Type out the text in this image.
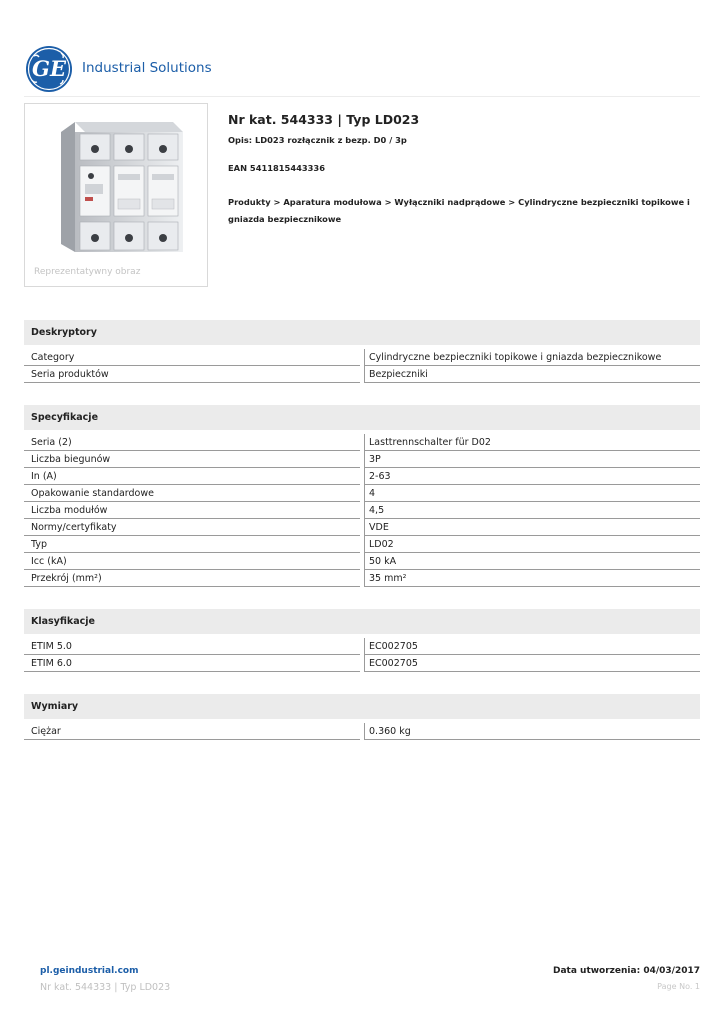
GE Industrial Solutions
Reprezentatywny obraz
Nr kat. 544333 | Typ LD023
Opis: LD023 rozłącznik z bezp. D0 / 3p
EAN 5411815443336
Produkty > Aparatura modułowa > Wyłączniki nadprądowe > Cylindryczne bezpieczniki topikowe i gniazda bezpiecznikowe
Deskryptory
Category	Cylindryczne bezpieczniki topikowe i gniazda bezpiecznikowe
Seria produktów	Bezpieczniki
Specyfikacje
Seria (2)	Lasttrennschalter für D02
Liczba biegunów	3P
In (A)	2-63
Opakowanie standardowe	4
Liczba modułów	4,5
Normy/certyfikaty	VDE
Typ	LD02
Icc (kA)	50 kA
Przekrój (mm²)	35 mm²
Klasyfikacje
ETIM 5.0	EC002705
ETIM 6.0	EC002705
Wymiary
Ciężar	0.360 kg
pl.geindustrial.com	Data utworzenia: 04/03/2017
Nr kat. 544333 | Typ LD023	Page No. 1
